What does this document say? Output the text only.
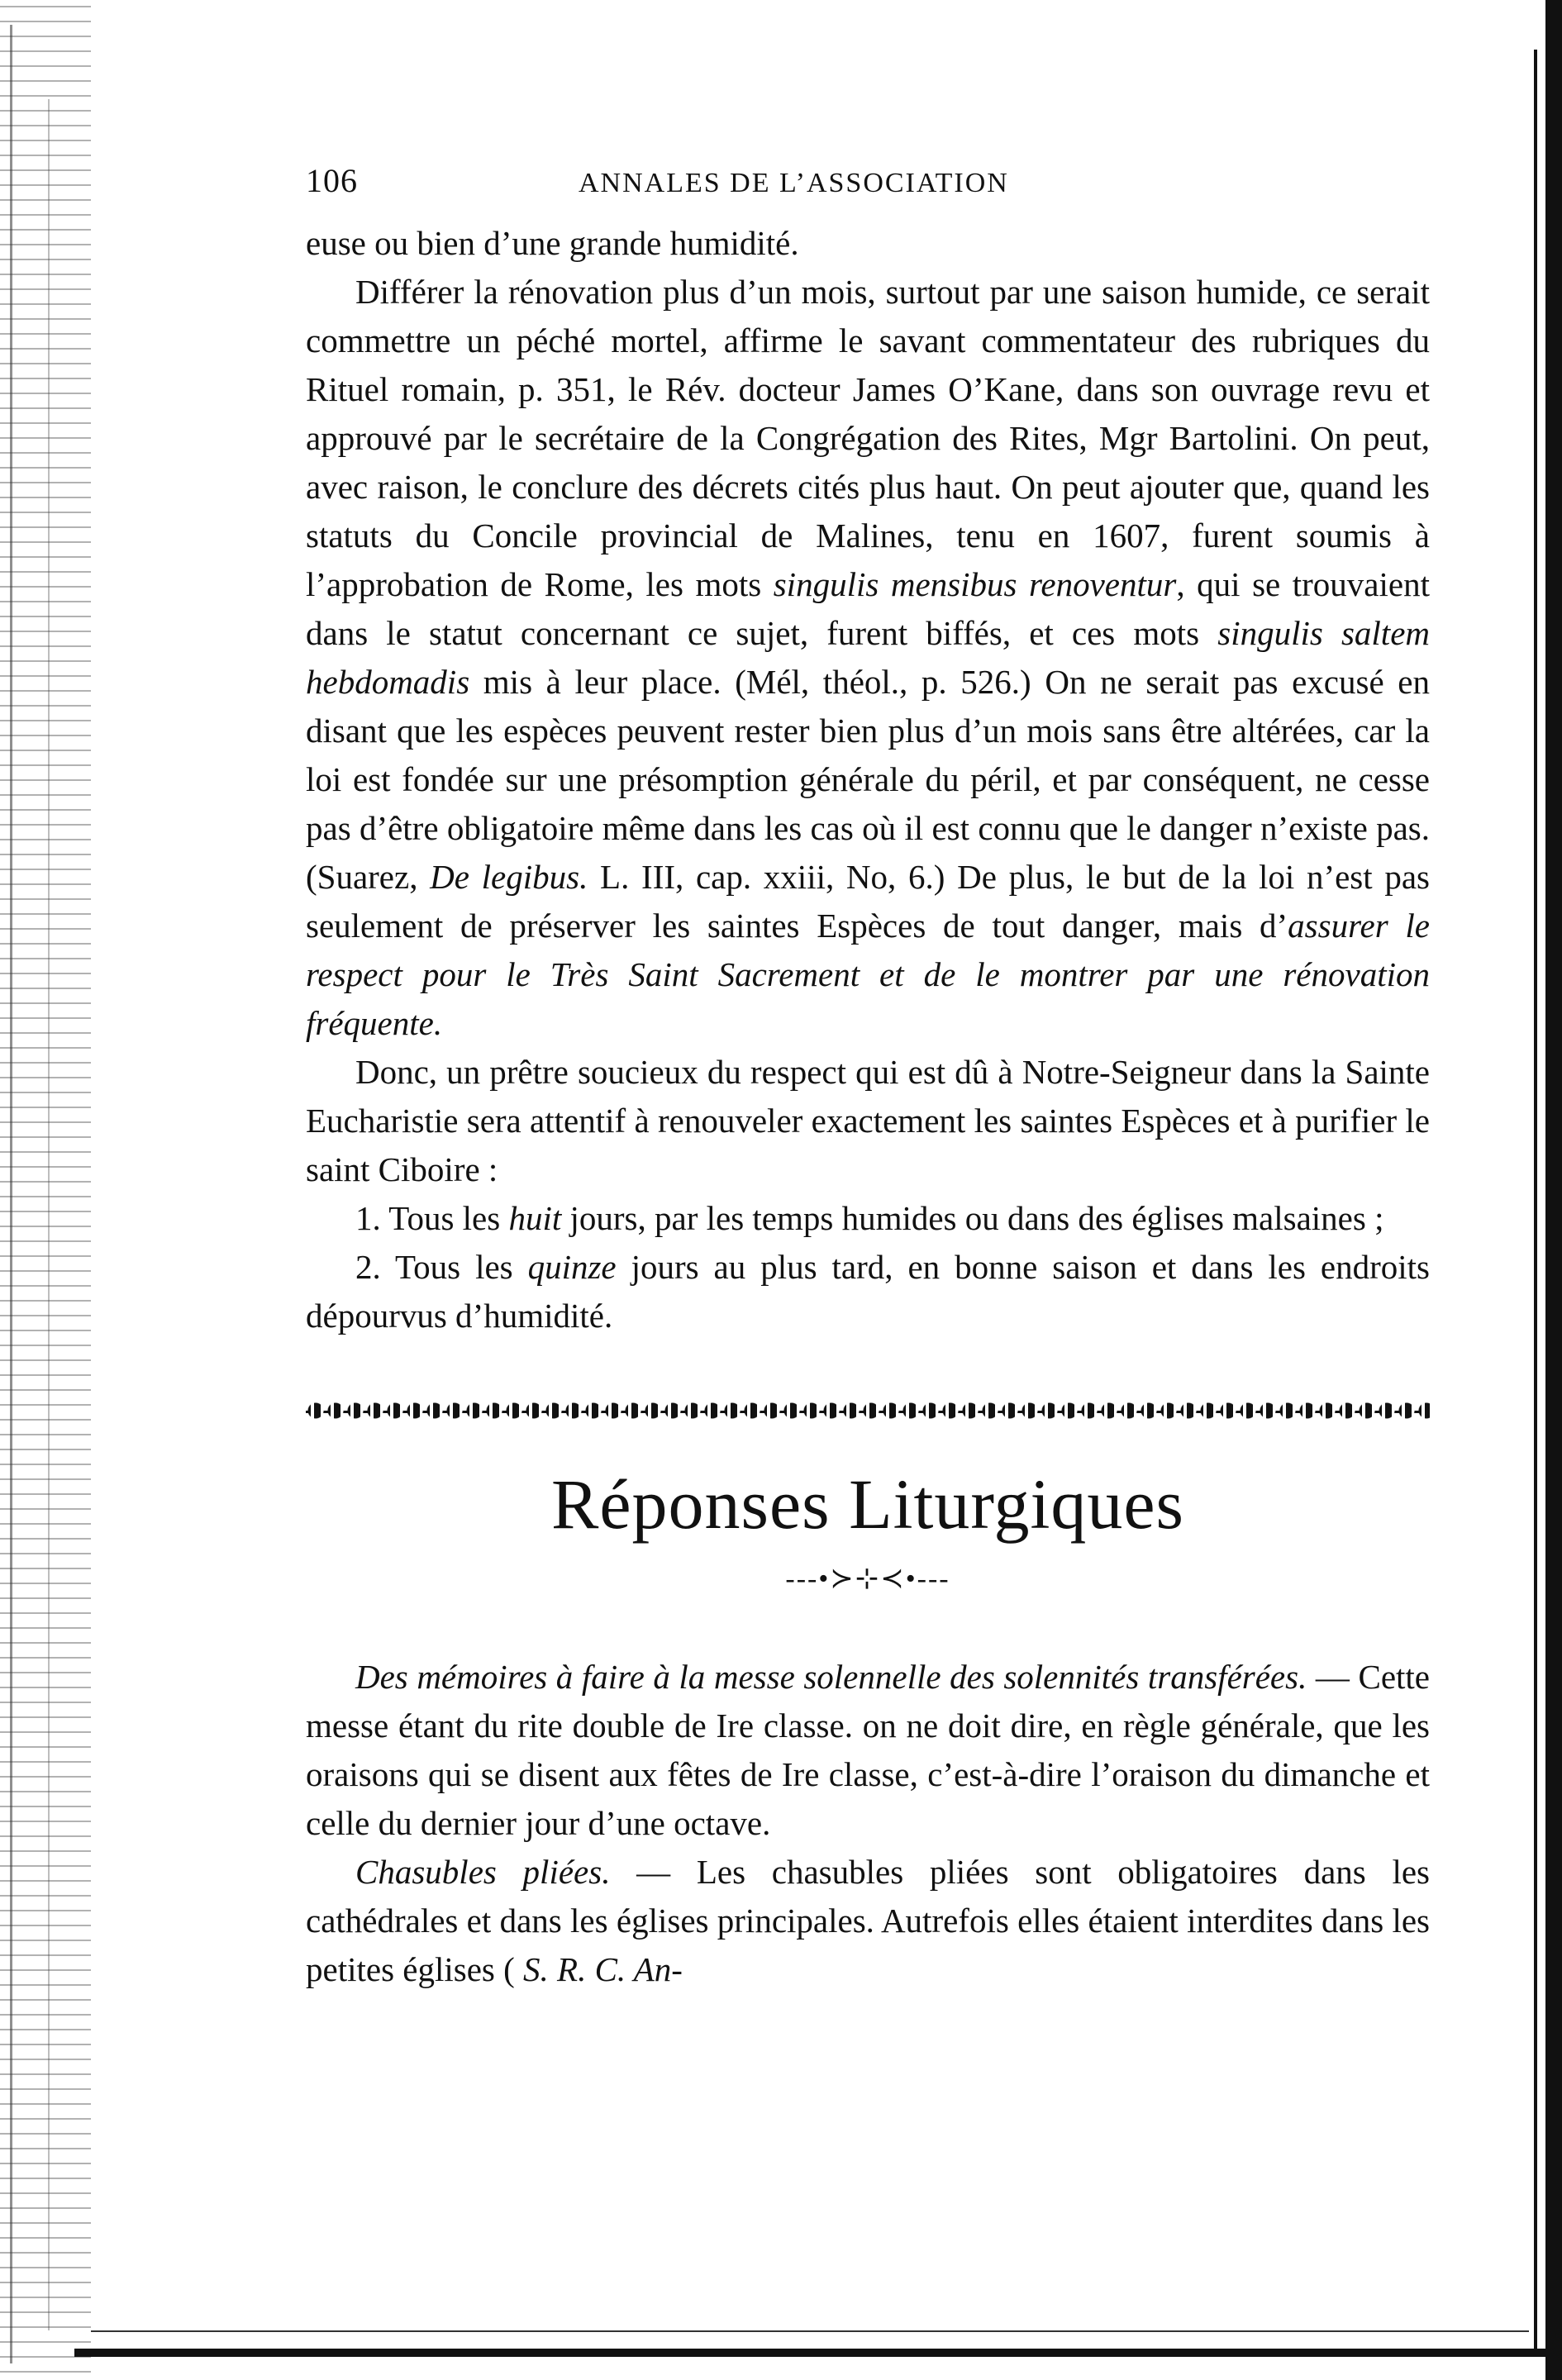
106	ANNALES DE L’ASSOCIATION

euse ou bien d’une grande humidité.

Différer la rénovation plus d’un mois, surtout par une saison humide, ce serait commettre un péché mortel, affirme le savant commentateur des rubriques du Rituel romain, p. 351, le Rév. docteur James O’Kane, dans son ouvrage revu et approuvé par le secrétaire de la Congrégation des Rites, Mgr Bartolini. On peut, avec raison, le conclure des décrets cités plus haut. On peut ajouter que, quand les statuts du Concile provincial de Malines, tenu en 1607, furent soumis à l’approbation de Rome, les mots singulis mensibus renoventur, qui se trouvaient dans le statut concernant ce sujet, furent biffés, et ces mots singulis saltem hebdomadis mis à leur place. (Mél, théol., p. 526.) On ne serait pas excusé en disant que les espèces peuvent rester bien plus d’un mois sans être altérées, car la loi est fondée sur une présomption générale du péril, et par conséquent, ne cesse pas d’être obligatoire même dans les cas où il est connu que le danger n’existe pas. (Suarez, De legibus. L. III, cap. xxiii, No, 6.) De plus, le but de la loi n’est pas seulement de préserver les saintes Espèces de tout danger, mais d’assurer le respect pour le Très Saint Sacrement et de le montrer par une rénovation fréquente.

Donc, un prêtre soucieux du respect qui est dû à Notre-Seigneur dans la Sainte Eucharistie sera attentif à renouveler exactement les saintes Espèces et à purifier le saint Ciboire :

1. Tous les huit jours, par les temps humides ou dans des églises malsaines ;

2. Tous les quinze jours au plus tard, en bonne saison et dans les endroits dépourvus d’humidité.

Réponses Liturgiques
---•≻⊹≺•---

Des mémoires à faire à la messe solennelle des solennités transférées. — Cette messe étant du rite double de Ire classe. on ne doit dire, en règle générale, que les oraisons qui se disent aux fêtes de Ire classe, c’est-à-dire l’oraison du dimanche et celle du dernier jour d’une octave.

Chasubles pliées. — Les chasubles pliées sont obligatoires dans les cathédrales et dans les églises principales. Autrefois elles étaient interdites dans les petites églises ( S. R. C. An-
